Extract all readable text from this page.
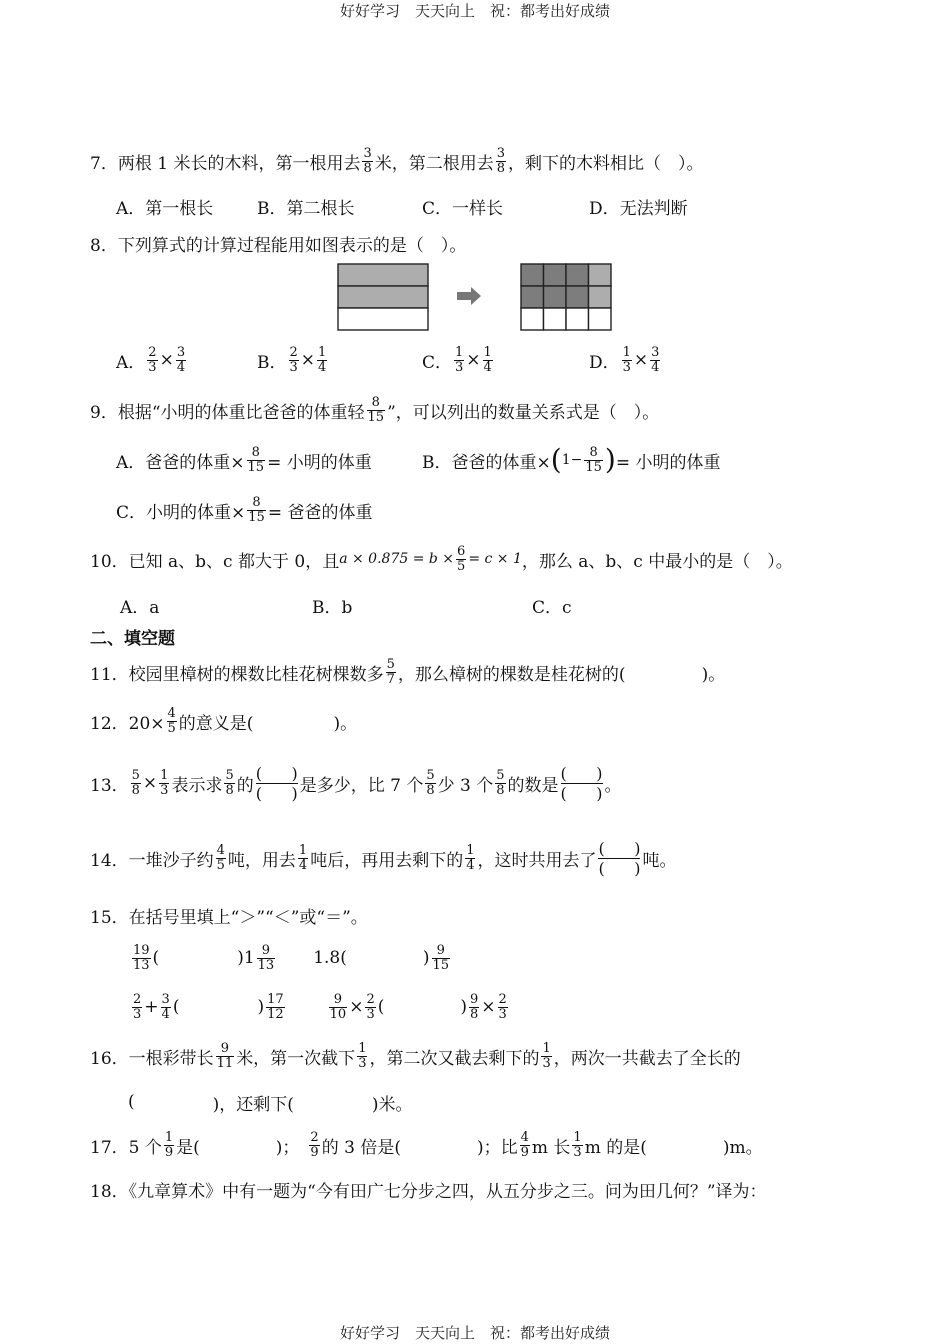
好好学习　天天向上　祝：都考出好成绩
好好学习　天天向上　祝：都考出好成绩
7．两根 1 米长的木料，第一根用去 $\frac{3}{8}$ 米，第二根用去 $\frac{3}{8}$ ，剩下的木料相比（　）。
A．第一根长	B．第二根长	C．一样长	D．无法判断
8．下列算式的计算过程能用如图表示的是（　）。
A． $\frac{2}{3} \times \frac{3}{4}$	B． $\frac{2}{3} \times \frac{1}{4}$	C． $\frac{1}{3} \times \frac{1}{4}$	D． $\frac{1}{3} \times \frac{3}{4}$
9．根据“小明的体重比爸爸的体重轻 $\frac{8}{15}$ ”，可以列出的数量关系式是（　）。
A．爸爸的体重× $\frac{8}{15}$ = 小明的体重	B．爸爸的体重× ( $1- \frac{8}{15}$ ) = 小明的体重
C．小明的体重× $\frac{8}{15}$ = 爸爸的体重
10．已知 a、b、c 都大于 0，且 $a \times 0.875 = b \times \frac{6}{5} = c \times 1$ ，那么 a、b、c 中最小的是（　）。
A．a	B．b	C．c
二、填空题
11．校园里樟树的棵数比桂花树棵数多 $\frac{5}{7}$ ，那么樟树的棵数是桂花树的(	)。
12．$20\times \frac{4}{5}$ 的意义是(	)。
13． $\frac{5}{8} \times \frac{1}{3}$ 表示求 $\frac{5}{8}$ 的
( )
( ) 是多少，比 7 个 $\frac{5}{8}$ 少 3 个 $\frac{5}{8}$ 的数是
( )
( ) 。
14．一堆沙子约 $\frac{4}{5}$ 吨，用去 $\frac{1}{4}$ 吨后，再用去剩下的 $\frac{1}{4}$ ，这时共用去了
( )
( ) 吨。
15．在括号里填上“＞”“＜”或“＝”。
$\frac{19}{13}$ (	) $1 \frac{9}{13} 1.8$(	) $\frac{9}{15}$
$\frac{2}{3} + \frac{3}{4}$ (	) $\frac{17}{12}$	$\frac{9}{10} \times \frac{2}{3}$ (	) $\frac{9}{8} \times \frac{2}{3}$
16．一根彩带长 $\frac{9}{11}$ 米，第一次截下 $\frac{1}{3}$ ，第二次又截去剩下的 $\frac{1}{3}$ ，两次一共截去了全长的
(	)，还剩下(	)米。
17．5 个 $\frac{1}{9}$ 是(	)； $\frac{2}{9}$ 的 3 倍是(	)；比 $\frac{4}{9}$ m 长 $\frac{1}{3}$ m 的是(	)m。
18．《九章算术》中有一题为“今有田广七分步之四，从五分步之三。问为田几何？”译为：
